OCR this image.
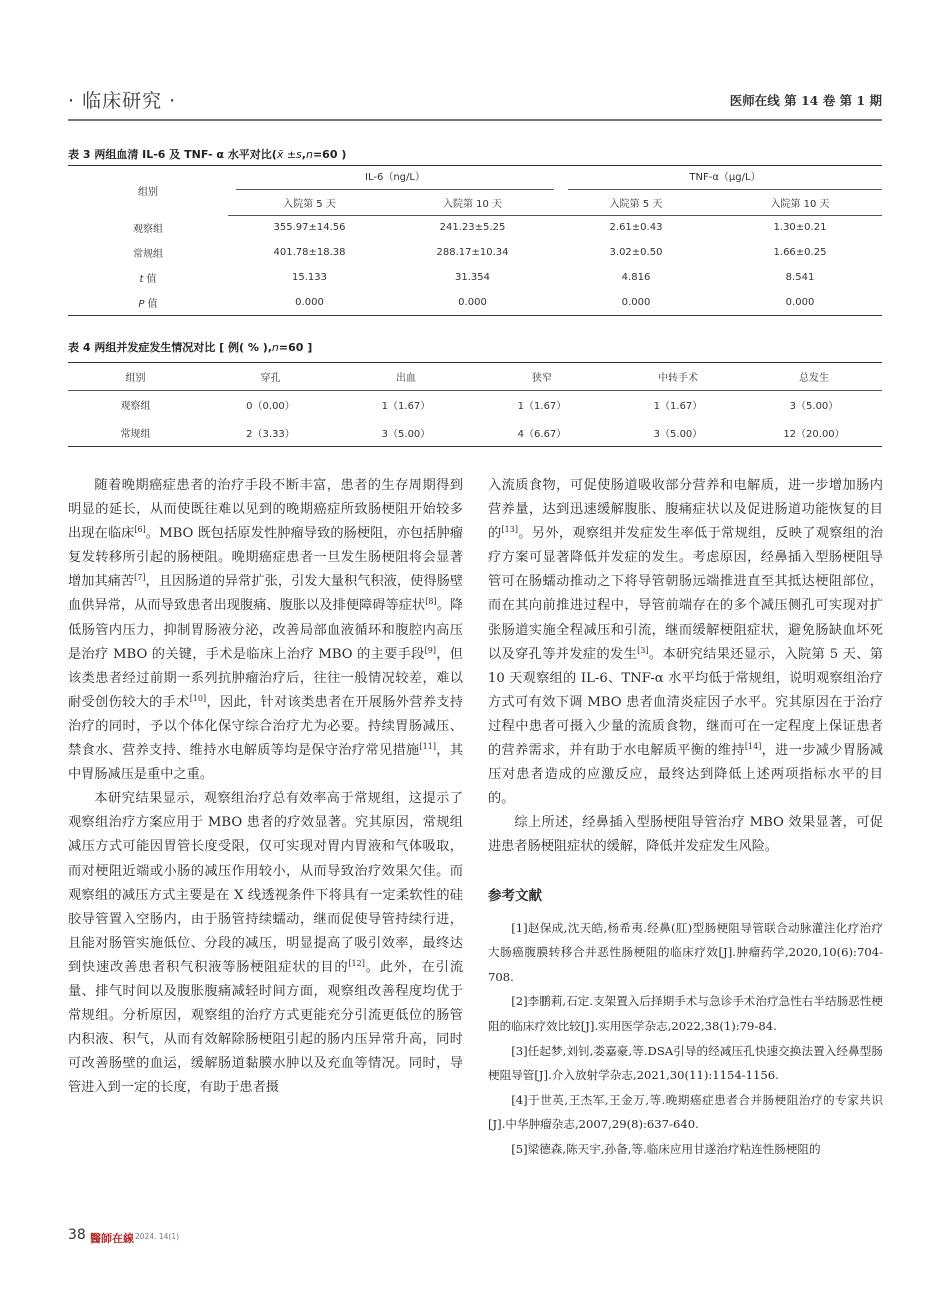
· 临床研究 ·	医师在线 第 14 卷 第 1 期
表 3 两组血清 IL-6 及 TNF- α 水平对比(x̄ ±s,n=60 )
组别	IL-6（ng/L）		TNF-α（μg/L）	

	入院第 5 天	入院第 10 天	入院第 5 天	入院第 10 天
观察组	355.97±14.56	241.23±5.25	2.61±0.43	1.30±0.21
常规组	401.78±18.38	288.17±10.34	3.02±0.50	1.66±0.25
t 值	15.133	31.354	4.816	8.541
P 值	0.000	0.000	0.000	0.000
表 4 两组并发症发生情况对比 [ 例( % ),n=60 ]
组别	穿孔	出血	狭窄	中转手术	总发生
观察组	0（0.00）	1（1.67）	1（1.67）	1（1.67）	3（5.00）
常规组	2（3.33）	3（5.00）	4（6.67）	3（5.00）	12（20.00）

随着晚期癌症患者的治疗手段不断丰富，患者的生存周期得到明显的延长，从而使既往难以见到的晚期癌症所致肠梗阻开始较多出现在临床[6]。MBO 既包括原发性肿瘤导致的肠梗阻，亦包括肿瘤复发转移所引起的肠梗阻。晚期癌症患者一旦发生肠梗阻将会显著增加其痛苦[7]，且因肠道的异常扩张，引发大量积气积液，使得肠壁血供异常，从而导致患者出现腹痛、腹胀以及排便障碍等症状[8]。降低肠管内压力，抑制胃肠液分泌，改善局部血液循环和腹腔内高压是治疗 MBO 的关键，手术是临床上治疗 MBO 的主要手段[9]，但该类患者经过前期一系列抗肿瘤治疗后，往往一般情况较差，难以耐受创伤较大的手术[10]，因此，针对该类患者在开展肠外营养支持治疗的同时，予以个体化保守综合治疗尤为必要。持续胃肠减压、禁食水、营养支持、维持水电解质等均是保守治疗常见措施[11]，其中胃肠减压是重中之重。

本研究结果显示，观察组治疗总有效率高于常规组，这提示了观察组治疗方案应用于 MBO 患者的疗效显著。究其原因，常规组减压方式可能因胃管长度受限，仅可实现对胃内胃液和气体吸取，而对梗阻近端或小肠的减压作用较小，从而导致治疗效果欠佳。而观察组的减压方式主要是在 X 线透视条件下将具有一定柔软性的硅胶导管置入空肠内，由于肠管持续蠕动，继而促使导管持续行进，且能对肠管实施低位、分段的减压，明显提高了吸引效率，最终达到快速改善患者积气积液等肠梗阻症状的目的[12]。此外，在引流量、排气时间以及腹胀腹痛减轻时间方面，观察组改善程度均优于常规组。分析原因，观察组的治疗方式更能充分引流更低位的肠管内积液、积气，从而有效解除肠梗阻引起的肠内压异常升高，同时可改善肠壁的血运，缓解肠道黏膜水肿以及充血等情况。同时，导管进入到一定的长度，有助于患者摄

入流质食物，可促使肠道吸收部分营养和电解质，进一步增加肠内营养量，达到迅速缓解腹胀、腹痛症状以及促进肠道功能恢复的目的[13]。另外，观察组并发症发生率低于常规组，反映了观察组的治疗方案可显著降低并发症的发生。考虑原因，经鼻插入型肠梗阻导管可在肠蠕动推动之下将导管朝肠远端推进直至其抵达梗阻部位，而在其向前推进过程中，导管前端存在的多个减压侧孔可实现对扩张肠道实施全程减压和引流，继而缓解梗阻症状，避免肠缺血坏死以及穿孔等并发症的发生[3]。本研究结果还显示，入院第 5 天、第 10 天观察组的 IL-6、TNF-α 水平均低于常规组，说明观察组治疗方式可有效下调 MBO 患者血清炎症因子水平。究其原因在于治疗过程中患者可摄入少量的流质食物，继而可在一定程度上保证患者的营养需求，并有助于水电解质平衡的维持[14]，进一步减少胃肠减压对患者造成的应激反应，最终达到降低上述两项指标水平的目的。

综上所述，经鼻插入型肠梗阻导管治疗 MBO 效果显著，可促进患者肠梗阻症状的缓解，降低并发症发生风险。

参考文献

[1]赵保成,沈天皓,杨希夷.经鼻(肛)型肠梗阻导管联合动脉灌注化疗治疗大肠癌腹膜转移合并恶性肠梗阻的临床疗效[J].肿瘤药学,2020,10(6):704-708.

[2]李鹏莉,石定.支架置入后择期手术与急诊手术治疗急性右半结肠恶性梗阻的临床疗效比较[J].实用医学杂志,2022,38(1):79-84.

[3]任起梦,刘钊,娄嘉豪,等.DSA引导的经减压孔快速交换法置入经鼻型肠梗阻导管[J].介入放射学杂志,2021,30(11):1154-1156.

[4]于世英,王杰军,王金万,等.晚期癌症患者合并肠梗阻治疗的专家共识[J].中华肿瘤杂志,2007,29(8):637-640.

[5]梁德森,陈天宇,孙备,等.临床应用甘遂治疗粘连性肠梗阻的

38 醫師在線 2024. 14(1)
